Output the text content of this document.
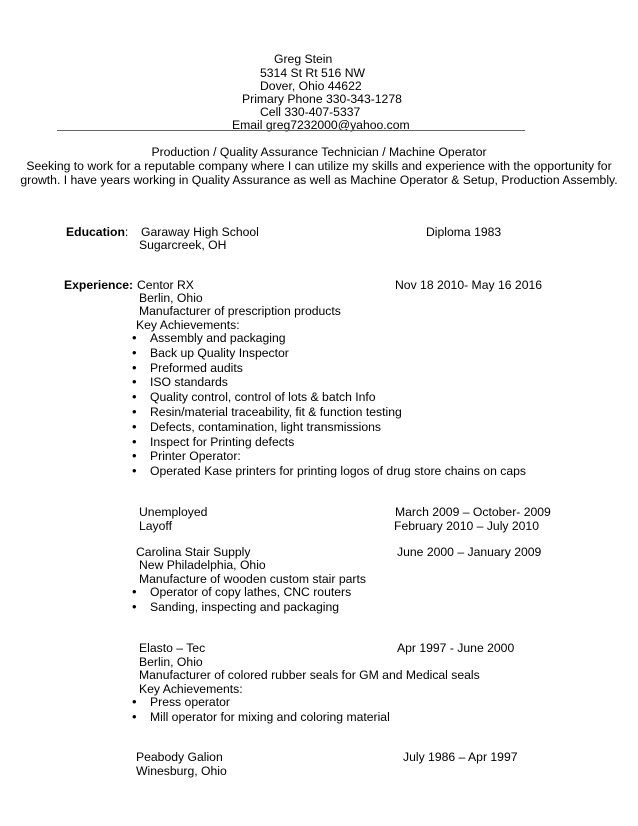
Greg Stein
5314 St Rt 516 NW
Dover, Ohio 44622
Primary Phone 330-343-1278
Cell 330-407-5337
Email greg7232000@yahoo.com
Production / Quality Assurance Technician / Machine Operator
Seeking to work for a reputable company where I can utilize my skills and experience with the opportunity for
growth. I have years working in Quality Assurance as well as Machine Operator & Setup, Production Assembly.
Education: Garaway High School	Diploma 1983
Sugarcreek, OH
Experience: Centor RX	Nov 18 2010- May 16 2016
Berlin, Ohio
Manufacturer of prescription products
Key Achievements:
• Assembly and packaging
• Back up Quality Inspector
• Preformed audits
• ISO standards
• Quality control, control of lots & batch Info
• Resin/material traceability, fit & function testing
• Defects, contamination, light transmissions
• Inspect for Printing defects
• Printer Operator:
• Operated Kase printers for printing logos of drug store chains on caps
Unemployed	March 2009 – October- 2009
Layoff	February 2010 – July 2010
Carolina Stair Supply	June 2000 – January 2009
New Philadelphia, Ohio
Manufacture of wooden custom stair parts
• Operator of copy lathes, CNC routers
• Sanding, inspecting and packaging
Elasto – Tec	Apr 1997 - June 2000
Berlin, Ohio
Manufacturer of colored rubber seals for GM and Medical seals
Key Achievements:
• Press operator
• Mill operator for mixing and coloring material
Peabody Galion	July 1986 – Apr 1997
Winesburg, Ohio
